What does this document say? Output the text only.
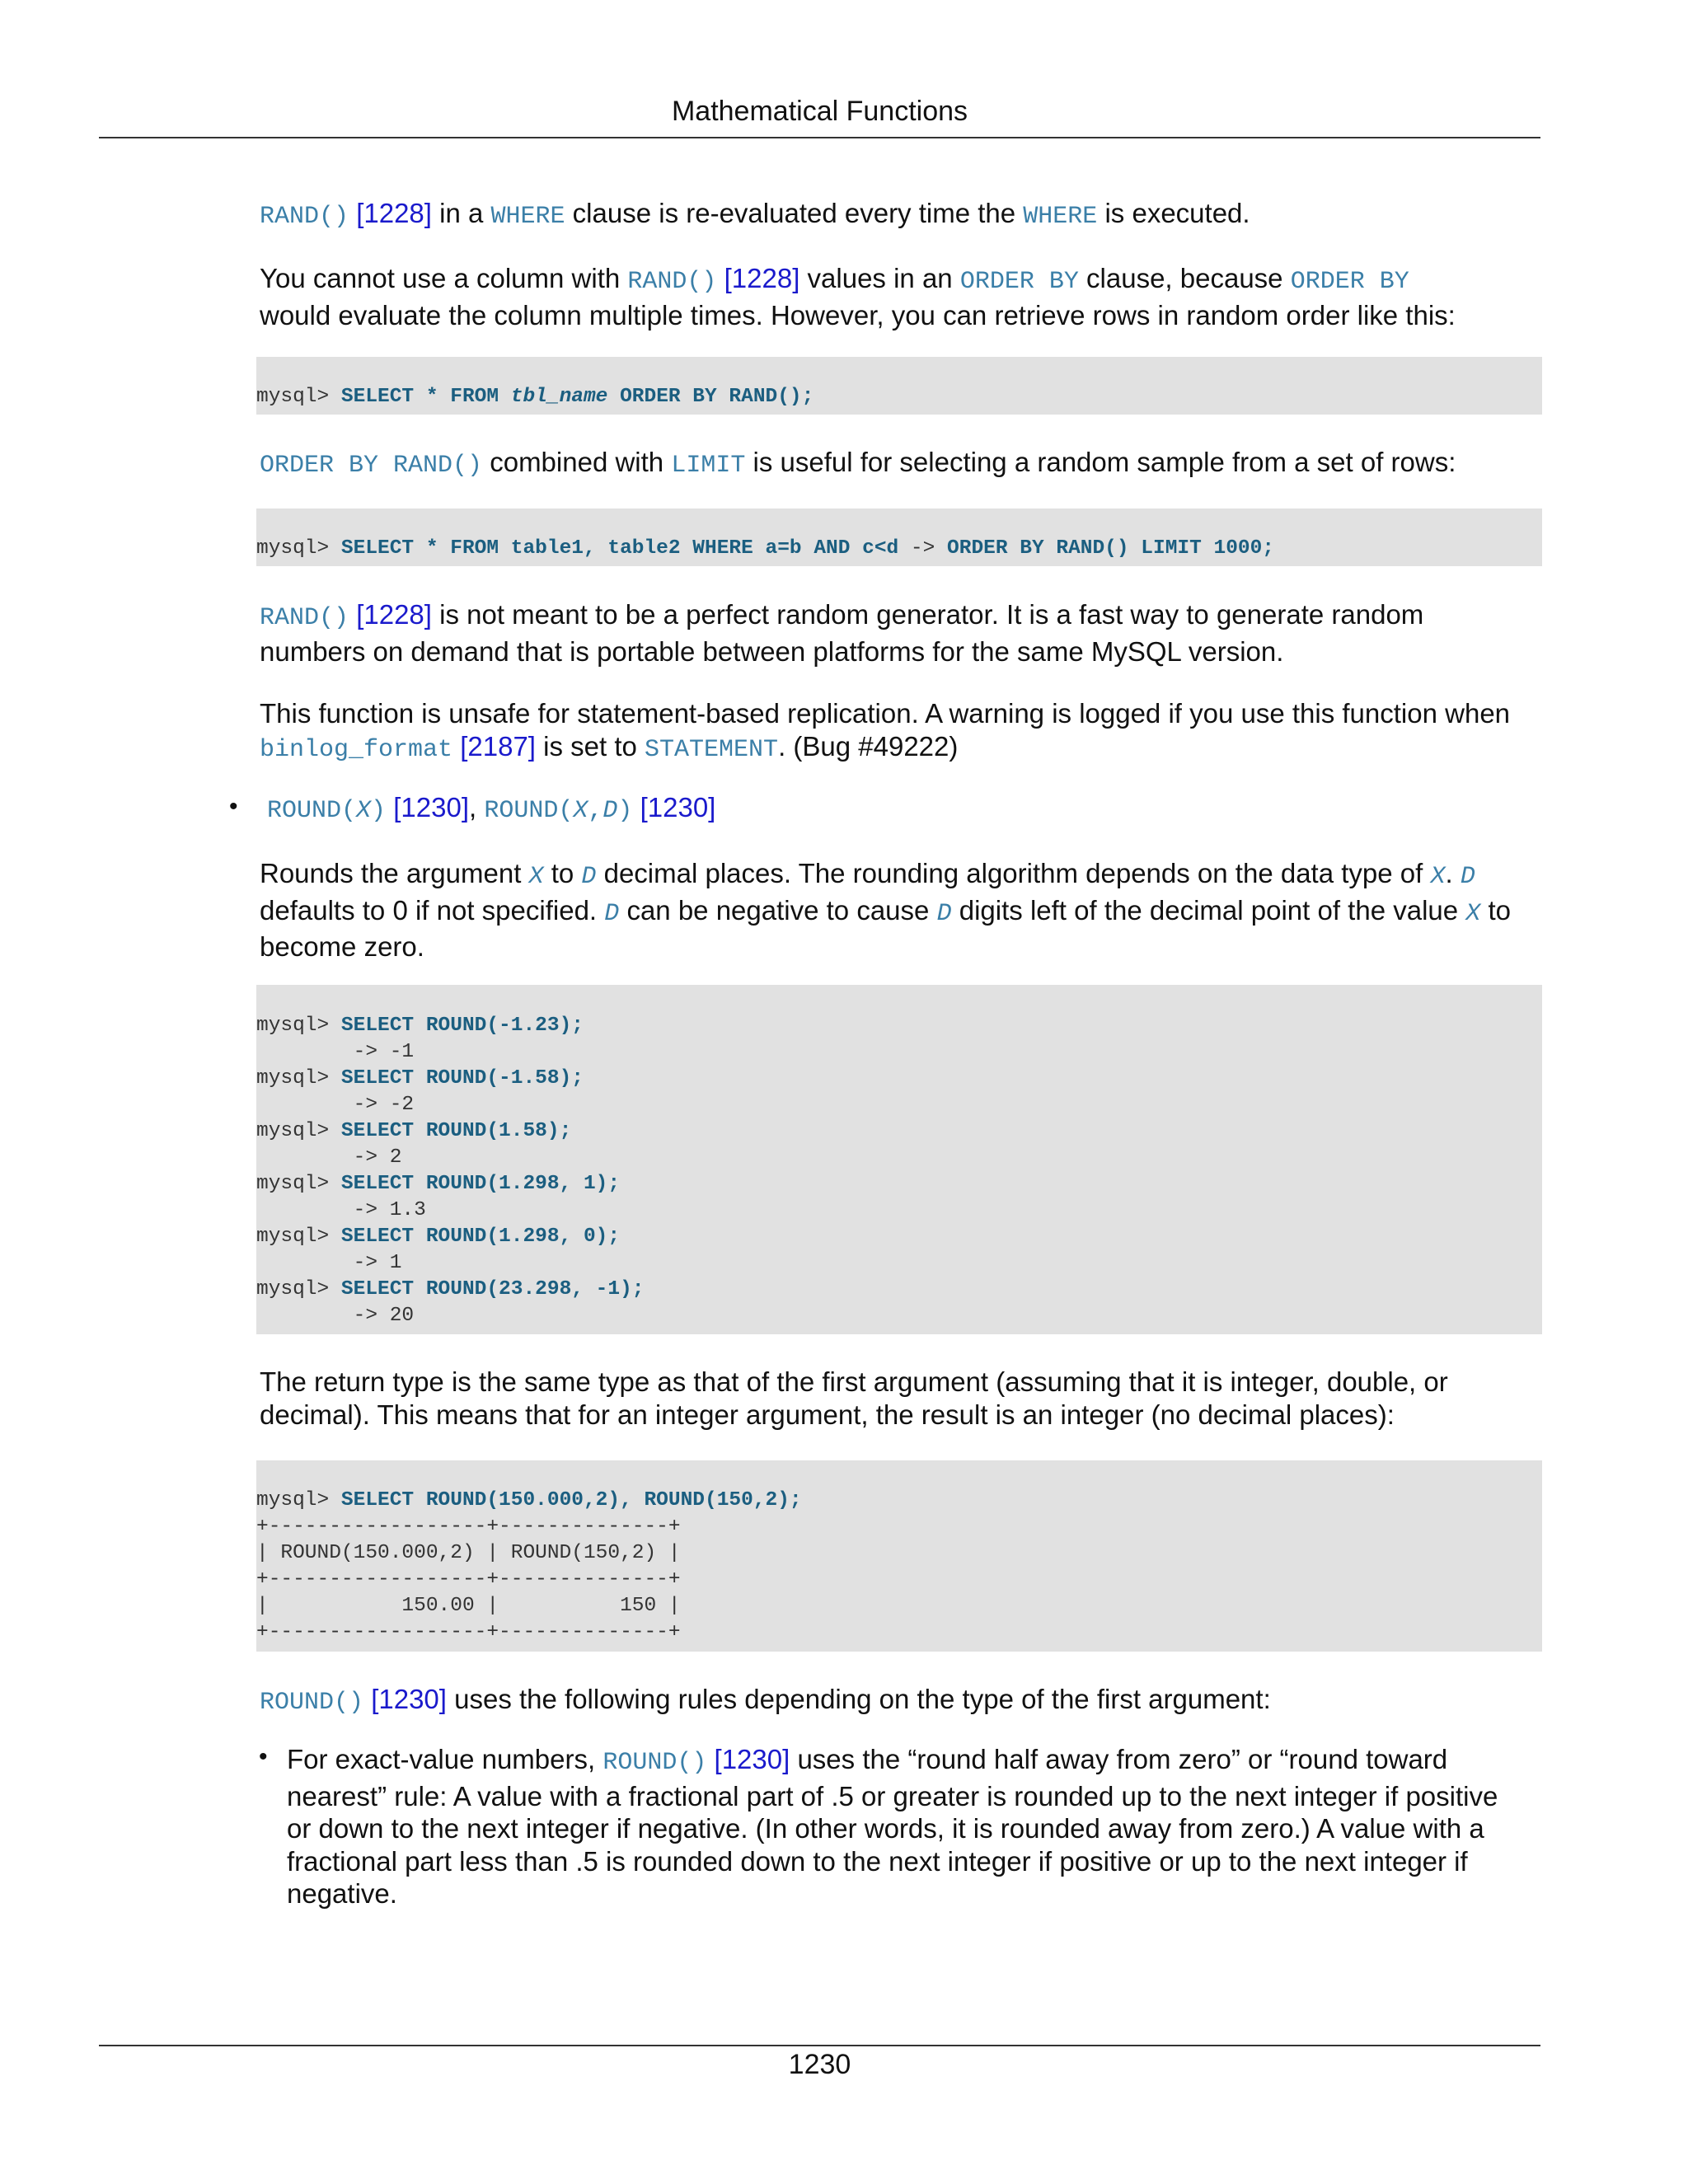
Mathematical Functions
RAND() [1228] in a WHERE clause is re-evaluated every time the WHERE is executed.
You cannot use a column with RAND() [1228] values in an ORDER BY clause, because ORDER BY
would evaluate the column multiple times. However, you can retrieve rows in random order like this:
mysql> SELECT * FROM tbl_name ORDER BY RAND();
ORDER BY RAND() combined with LIMIT is useful for selecting a random sample from a set of rows:
mysql> SELECT * FROM table1, table2 WHERE a=b AND c<d -> ORDER BY RAND() LIMIT 1000;
RAND() [1228] is not meant to be a perfect random generator. It is a fast way to generate random
numbers on demand that is portable between platforms for the same MySQL version.
This function is unsafe for statement-based replication. A warning is logged if you use this function when
binlog_format [2187] is set to STATEMENT. (Bug #49222)
• ROUND(X) [1230], ROUND(X,D) [1230]
Rounds the argument X to D decimal places. The rounding algorithm depends on the data type of X. D
defaults to 0 if not specified. D can be negative to cause D digits left of the decimal point of the value X to
become zero.
mysql> SELECT ROUND(-1.23);
-> -1
mysql> SELECT ROUND(-1.58);
-> -2
mysql> SELECT ROUND(1.58);
-> 2
mysql> SELECT ROUND(1.298, 1);
-> 1.3
mysql> SELECT ROUND(1.298, 0);
-> 1
mysql> SELECT ROUND(23.298, -1);
-> 20
The return type is the same type as that of the first argument (assuming that it is integer, double, or
decimal). This means that for an integer argument, the result is an integer (no decimal places):
mysql> SELECT ROUND(150.000,2), ROUND(150,2);
+------------------+--------------+
| ROUND(150.000,2) | ROUND(150,2) |
+------------------+--------------+
|           150.00 |          150 |
+------------------+--------------+
ROUND() [1230] uses the following rules depending on the type of the first argument:
• For exact-value numbers, ROUND() [1230] uses the “round half away from zero” or “round toward
nearest” rule: A value with a fractional part of .5 or greater is rounded up to the next integer if positive
or down to the next integer if negative. (In other words, it is rounded away from zero.) A value with a
fractional part less than .5 is rounded down to the next integer if positive or up to the next integer if
negative.
1230
